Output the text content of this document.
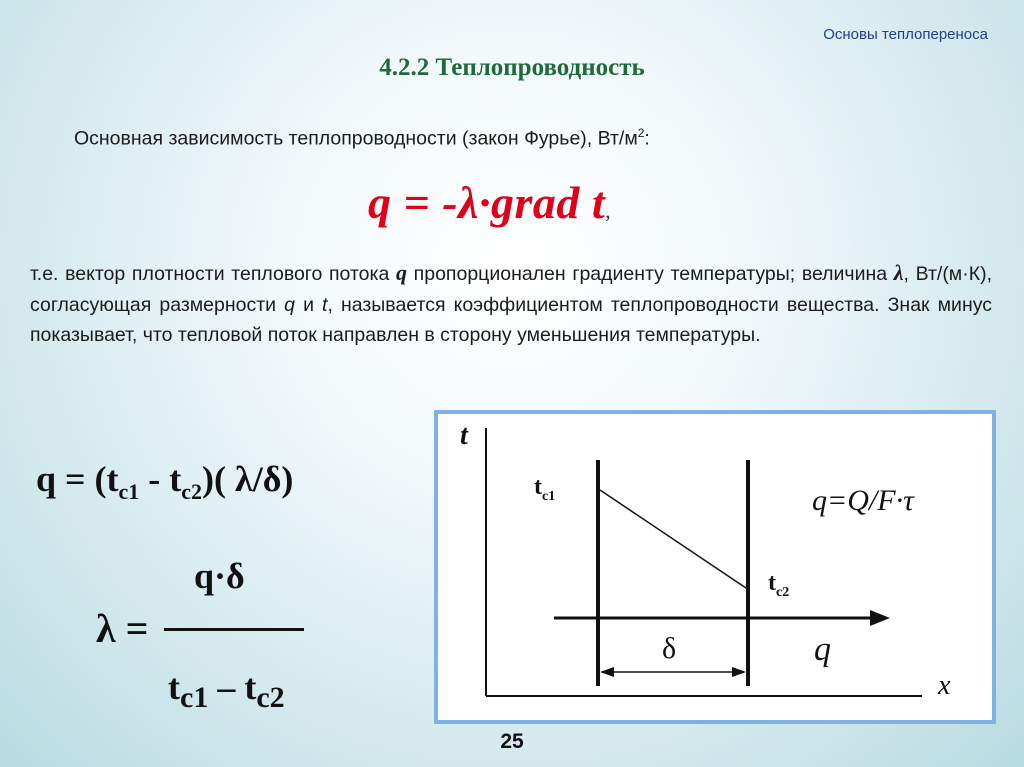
Основы теплопереноса
4.2.2 Теплопроводность
Основная зависимость теплопроводности (закон Фурье), $Вт/м^2$:
q = -λ·grad t,
т.е. вектор плотности теплового потока q пропорционален градиенту температуры; величина λ, Вт/(м·К), согласующая размерности q и t, называется коэффициентом теплопроводности вещества. Знак минус показывает, что тепловой поток направлен в сторону уменьшения температуры.
$q = (t_{c1} - t_{c2})$( λ/δ)
λ =
q·δ
$t_{c1} - t_{c2}$
t
x
$t_{c1}$
$t_{c2}$
δ	q
q=Q/F·τ
25
